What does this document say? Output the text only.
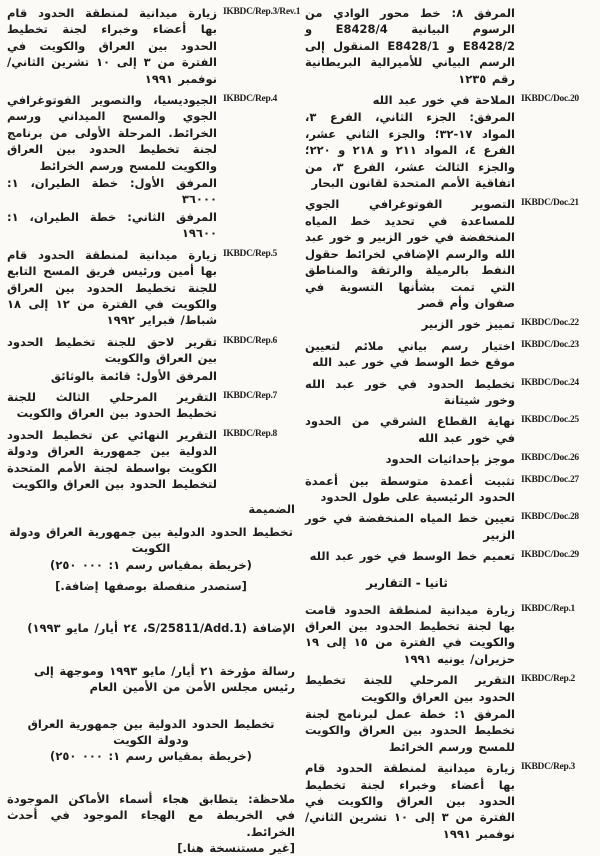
المرفق ٨: خط محور الوادي من الرسوم البيانية E8428/4 و E8428/2 و E8428/1 المنقول إلى الرسم البياني للأميرالية البريطانية رقم ١٢٣٥

IKBDC/Doc.20

الملاحة في خور عبد الله

المرفق: الجزء الثاني، الفرع ٣، المواد ١٧-٣٢؛ والجزء الثاني عشر، الفرع ٤، المواد ٢١١ و ٢١٨ و ٢٢٠؛ والجزء الثالث عشر، الفرع ٣، من اتفاقية الأمم المتحدة لقانون البحار

IKBDC/Doc.21

التصوير الفوتوغرافي الجوي للمساعدة في تحديد خط المياه المنخفضة في خور الزبير و خور عبد الله والرسم الإضافي لخرائط حقول النفط بالرميلة والرتقة والمناطق التي تمت بشأنها التسوية في صفوان وأم قصر

IKBDC/Doc.22

تمييز خور الزبير

IKBDC/Doc.23

اختيار رسم بياني ملائم لتعيين موقع خط الوسط في خور عبد الله

IKBDC/Doc.24

تخطيط الحدود في خور عبد الله وخور شيتانة

IKBDC/Doc.25

نهاية القطاع الشرقي من الحدود في خور عبد الله

IKBDC/Doc.26

موجز بإحداثيات الحدود

IKBDC/Doc.27

تثبيت أعمدة متوسطة بين أعمدة الحدود الرئيسية على طول الحدود

IKBDC/Doc.28

تعيين خط المياه المنخفضة في خور الزبير

IKBDC/Doc.29

تعميم خط الوسط في خور عبد الله

ثانيا - التقارير
IKBDC/Rep.1

زيارة ميدانية لمنطقة الحدود قامت بها لجنة تخطيط الحدود بين العراق والكويت في الفترة من ١٥ إلى ١٩ حزيران/ يونيه ١٩٩١

IKBDC/Rep.2

التقرير المرحلي للجنة تخطيط الحدود بين العراق والكويت

المرفق ١: خطة عمل لبرنامج لجنة تخطيط الحدود بين العراق والكويت للمسح ورسم الخرائط

IKBDC/Rep.3

زيارة ميدانية لمنطقة الحدود قام بها أعضاء وخبراء لجنة تخطيط الحدود بين العراق والكويت في الفترة من ٣ إلى ١٠ تشرين الثاني/ نوفمبر ١٩٩١

IKBDC/Rep.3/Rev.1

زيارة ميدانية لمنطقة الحدود قام بها أعضاء وخبراء لجنة تخطيط الحدود بين العراق والكويت في الفترة من ٣ إلى ١٠ تشرين الثاني/ نوفمبر ١٩٩١

IKBDC/Rep.4

الجيوديسيا، والتصوير الفوتوغرافي الجوي والمسح الميداني ورسم الخرائط. المرحلة الأولى من برنامج لجنة تخطيط الحدود بين العراق والكويت للمسح ورسم الخرائط

المرفق الأول: خطة الطيران، ١: ٣٦٠٠٠

المرفق الثاني: خطة الطيران، ١: ١٩٦٠٠

IKBDC/Rep.5

زيارة ميدانية لمنطقة الحدود قام بها أمين ورئيس فريق المسح التابع للجنة تخطيط الحدود بين العراق والكويت في الفترة من ١٢ إلى ١٨ شباط/ فبراير ١٩٩٢

IKBDC/Rep.6

تقرير لاحق للجنة تخطيط الحدود بين العراق والكويت

المرفق الأول: قائمة بالوثائق

IKBDC/Rep.7

التقرير المرحلي الثالث للجنة تخطيط الحدود بين العراق والكويت

IKBDC/Rep.8

التقرير النهائي عن تخطيط الحدود الدولية بين جمهورية العراق ودولة الكويت بواسطة لجنة الأمم المتحدة لتخطيط الحدود بين العراق والكويت

الضميمة

تخطيط الحدود الدولية بين جمهورية العراق ودولة الكويت

(خريطة بمقياس رسم ١: ٠٠٠ ٢٥٠)

[ستصدر منفصلة بوصفها إضافة.]

الإضافة (S/25811/Add.1، ٢٤ أيار/ مايو ١٩٩٣)

رسالة مؤرخة ٢١ أيار/ مايو ١٩٩٣ وموجهة إلى رئيس مجلس الأمن من الأمين العام

تخطيط الحدود الدولية بين جمهورية العراق

ودولة الكويت

(خريطة بمقياس رسم ١: ٠٠٠ ٢٥٠)

ملاحظة: يتطابق هجاء أسماء الأماكن الموجودة في الخريطة مع الهجاء الموجود في أحدث الخرائط.

[غير مستنسخة هنا.]
